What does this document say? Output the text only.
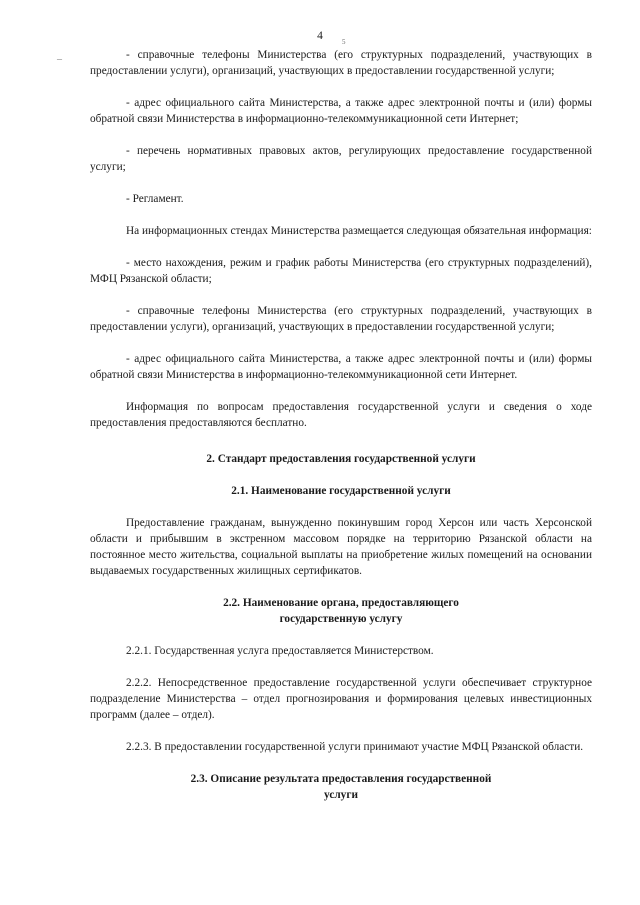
4	5
–	- справочные телефоны Министерства (его структурных подразделений, участвующих в предоставлении услуги), организаций, участвующих в предоставлении государственной услуги;

- адрес официального сайта Министерства, а также адрес электронной почты и (или) формы обратной связи Министерства в информационно-телекоммуникационной сети Интернет;

- перечень нормативных правовых актов, регулирующих предоставление государственной услуги;

- Регламент.

На информационных стендах Министерства размещается следующая обязательная информация:

- место нахождения, режим и график работы Министерства (его структурных подразделений), МФЦ Рязанской области;

- справочные телефоны Министерства (его структурных подразделений, участвующих в предоставлении услуги), организаций, участвующих в предоставлении государственной услуги;

- адрес официального сайта Министерства, а также адрес электронной почты и (или) формы обратной связи Министерства в информационно-телекоммуникационной сети Интернет.

Информация по вопросам предоставления государственной услуги и сведения о ходе предоставления предоставляются бесплатно.

2. Стандарт предоставления государственной услуги
2.1. Наименование государственной услуги

Предоставление гражданам, вынужденно покинувшим город Херсон или часть Херсонской области и прибывшим в экстренном массовом порядке на территорию Рязанской области на постоянное место жительства, социальной выплаты на приобретение жилых помещений на основании выдаваемых государственных жилищных сертификатов.

2.2. Наименование органа, предоставляющего
государственную услугу

2.2.1. Государственная услуга предоставляется Министерством.

2.2.2. Непосредственное предоставление государственной услуги обеспечивает структурное подразделение Министерства – отдел прогнозирования и формирования целевых инвестиционных программ (далее – отдел).

2.2.3. В предоставлении государственной услуги принимают участие МФЦ Рязанской области.

2.3. Описание результата предоставления государственной
услуги
